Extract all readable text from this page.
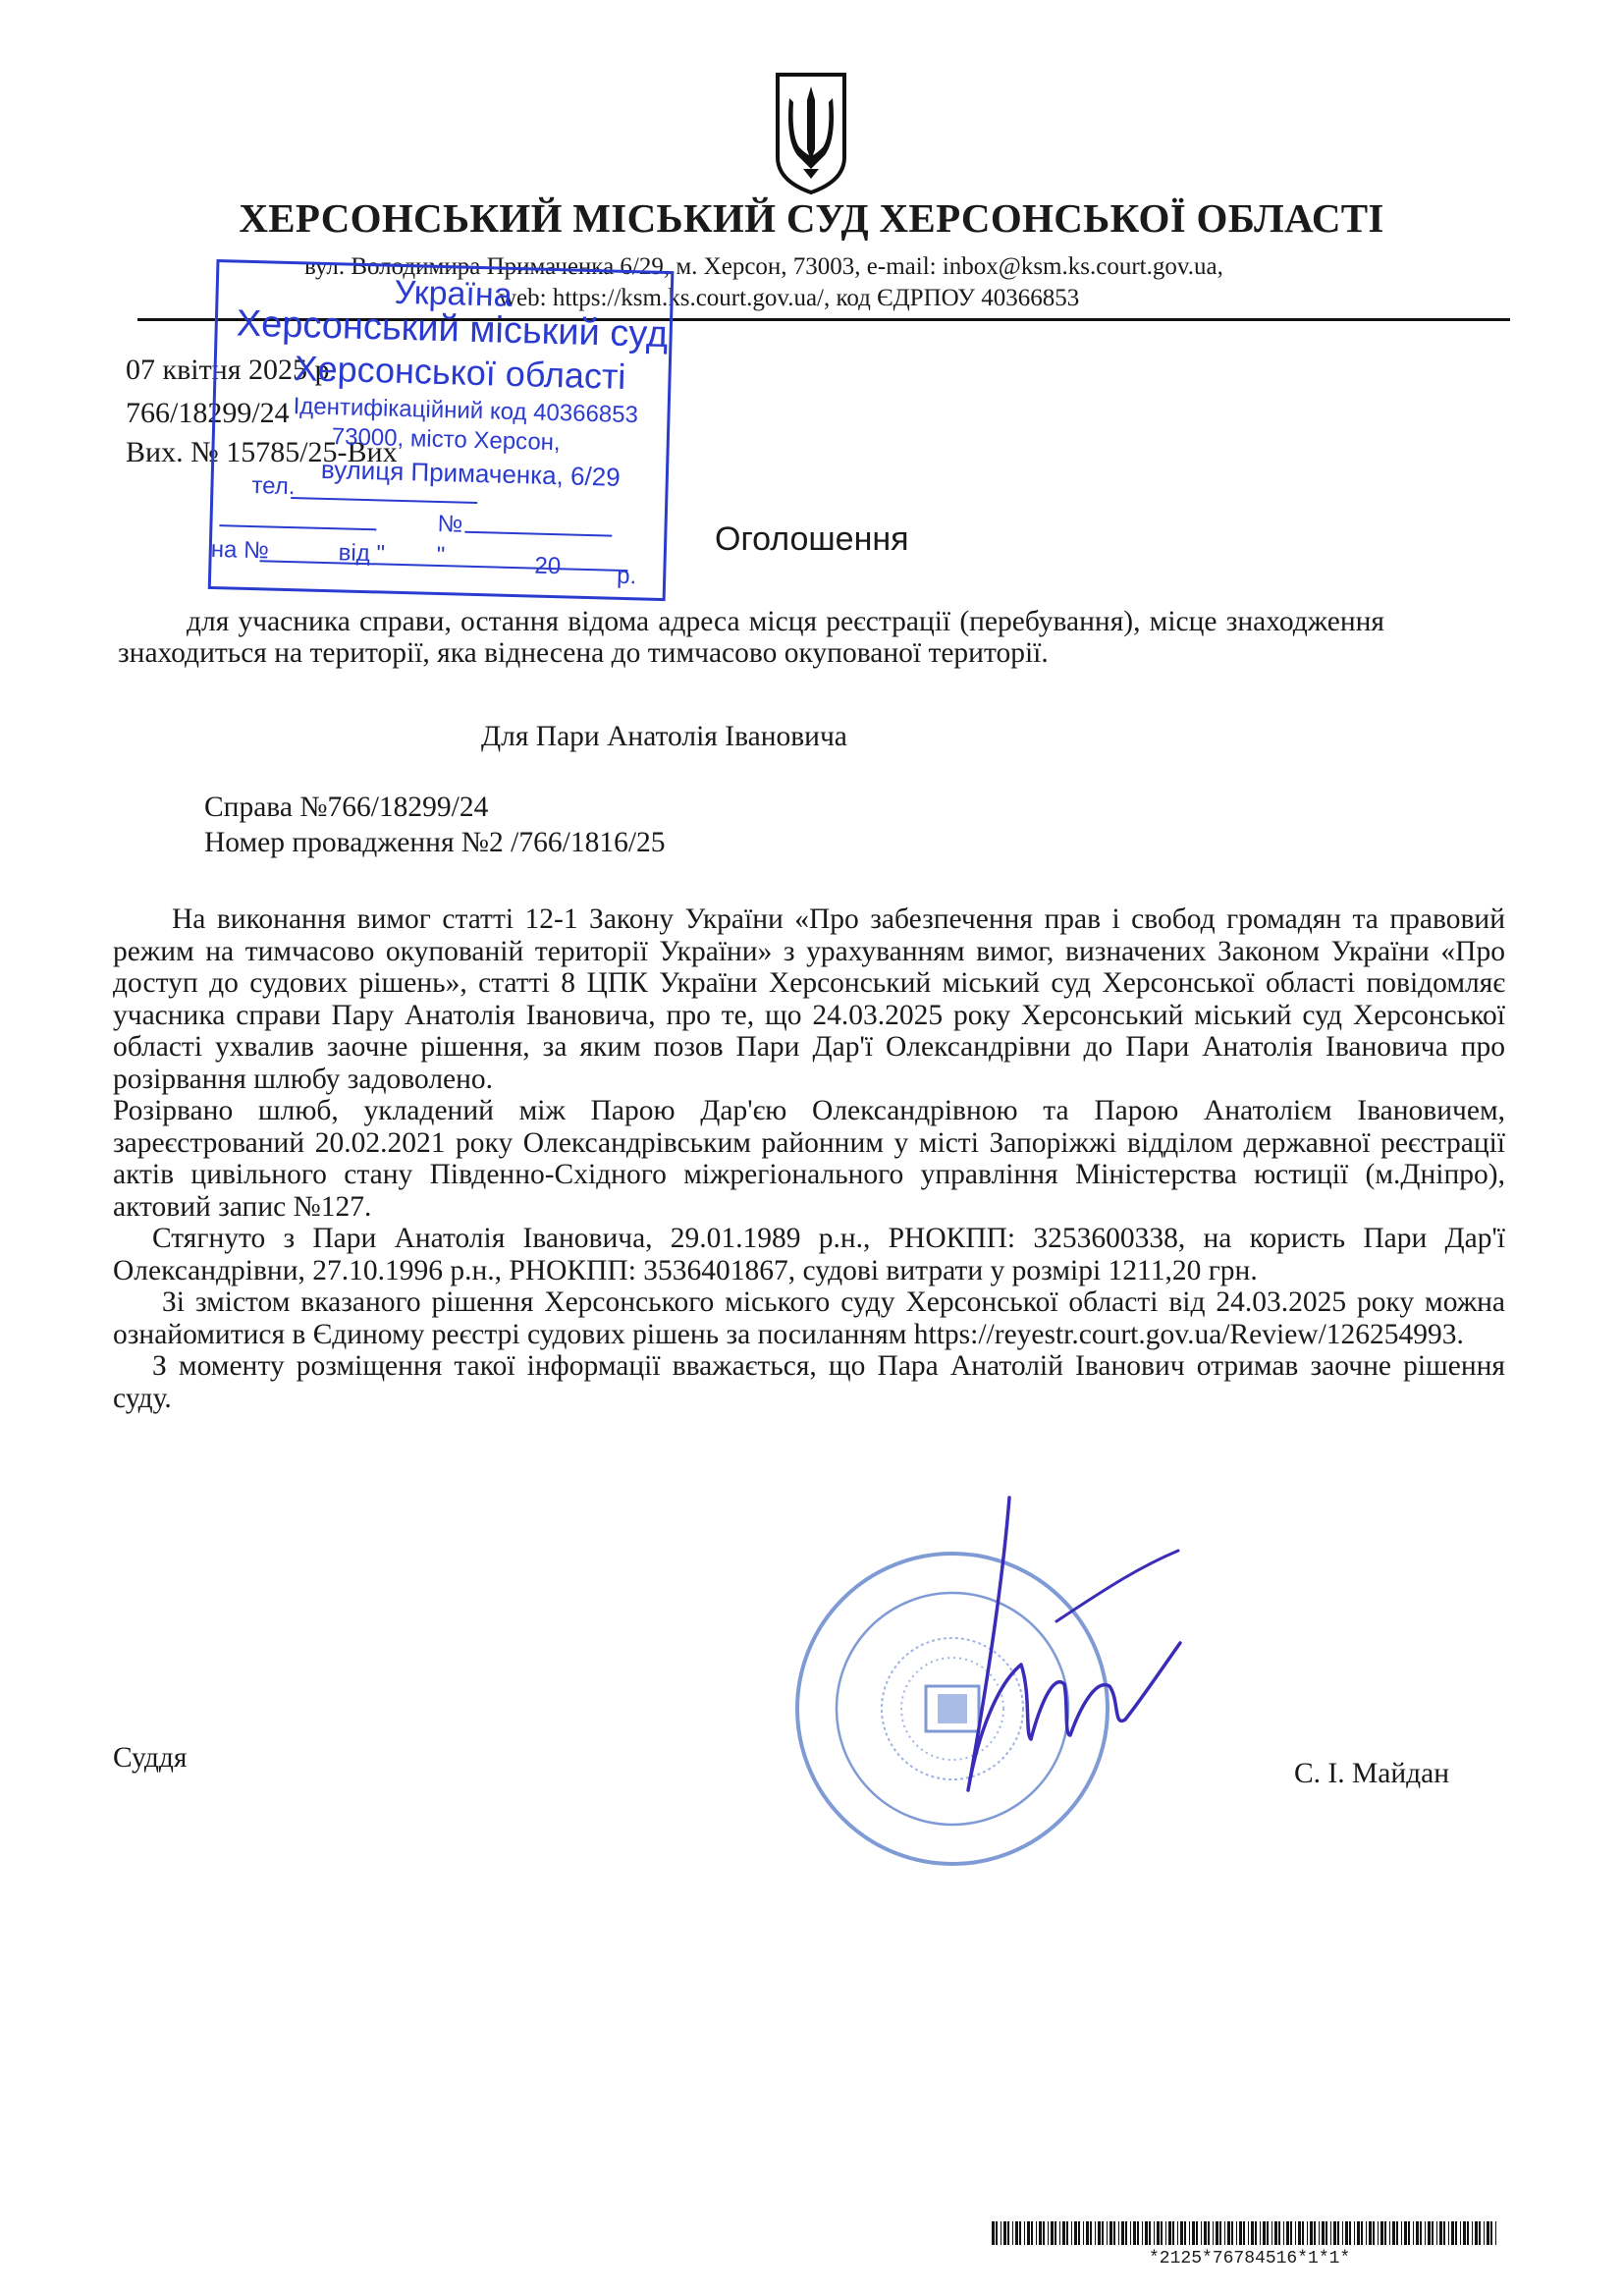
ХЕРСОНСЬКИЙ МІСЬКИЙ СУД ХЕРСОНСЬКОЇ ОБЛАСТІ
вул. Володимира Примаченка 6/29, м. Херсон, 73003, e-mail: inbox@ksm.ks.court.gov.ua,
web: https://ksm.ks.court.gov.ua/, код ЄДРПОУ 40366853
07 квітня 2025 р.
766/18299/24
Вих. № 15785/25-Вих
Україна
Херсонський міський суд
Херсонської області
Ідентифікаційний код 40366853
73000, місто Херсон,
вулиця Примаченка, 6/29
тел.
№
на №	від " "	20 р.
Оголошення
для учасника справи, остання відома адреса місця реєстрації (перебування), місце знаходження знаходиться на території, яка віднесена до тимчасово окупованої території.
Для Пари Анатолія Івановича
Справа №766/18299/24
Номер провадження №2 /766/1816/25

На виконання вимог статті 12-1 Закону України «Про забезпечення прав і свобод громадян та правовий режим на тимчасово окупованій території України» з урахуванням вимог, визначених Законом України «Про доступ до судових рішень», статті 8 ЦПК України Херсонський міський суд Херсонської області повідомляє учасника справи Пару Анатолія Івановича, про те, що 24.03.2025 року Херсонський міський суд Херсонської області ухвалив заочне рішення, за яким позов Пари Дар'ї Олександрівни до Пари Анатолія Івановича про розірвання шлюбу задоволено.

Розірвано шлюб, укладений між Парою Дар'єю Олександрівною та Парою Анатолієм Івановичем, зареєстрований 20.02.2021 року Олександрівським районним у місті Запоріжжі відділом державної реєстрації актів цивільного стану Південно-Східного міжрегіонального управління Міністерства юстиції (м.Дніпро), актовий запис №127.

Стягнуто з Пари Анатолія Івановича, 29.01.1989 р.н., РНОКПП: 3253600338, на користь Пари Дар'ї Олександрівни, 27.10.1996 р.н., РНОКПП: 3536401867, судові витрати у розмірі 1211,20 грн.

Зі змістом вказаного рішення Херсонського міського суду Херсонської області від 24.03.2025 року можна ознайомитися в Єдиному реєстрі судових рішень за посиланням https://reyestr.court.gov.ua/Review/126254993.

З моменту розміщення такої інформації вважається, що Пара Анатолій Іванович отримав заочне рішення суду.

Суддя	С. І. Майдан
*2125*76784516*1*1*
